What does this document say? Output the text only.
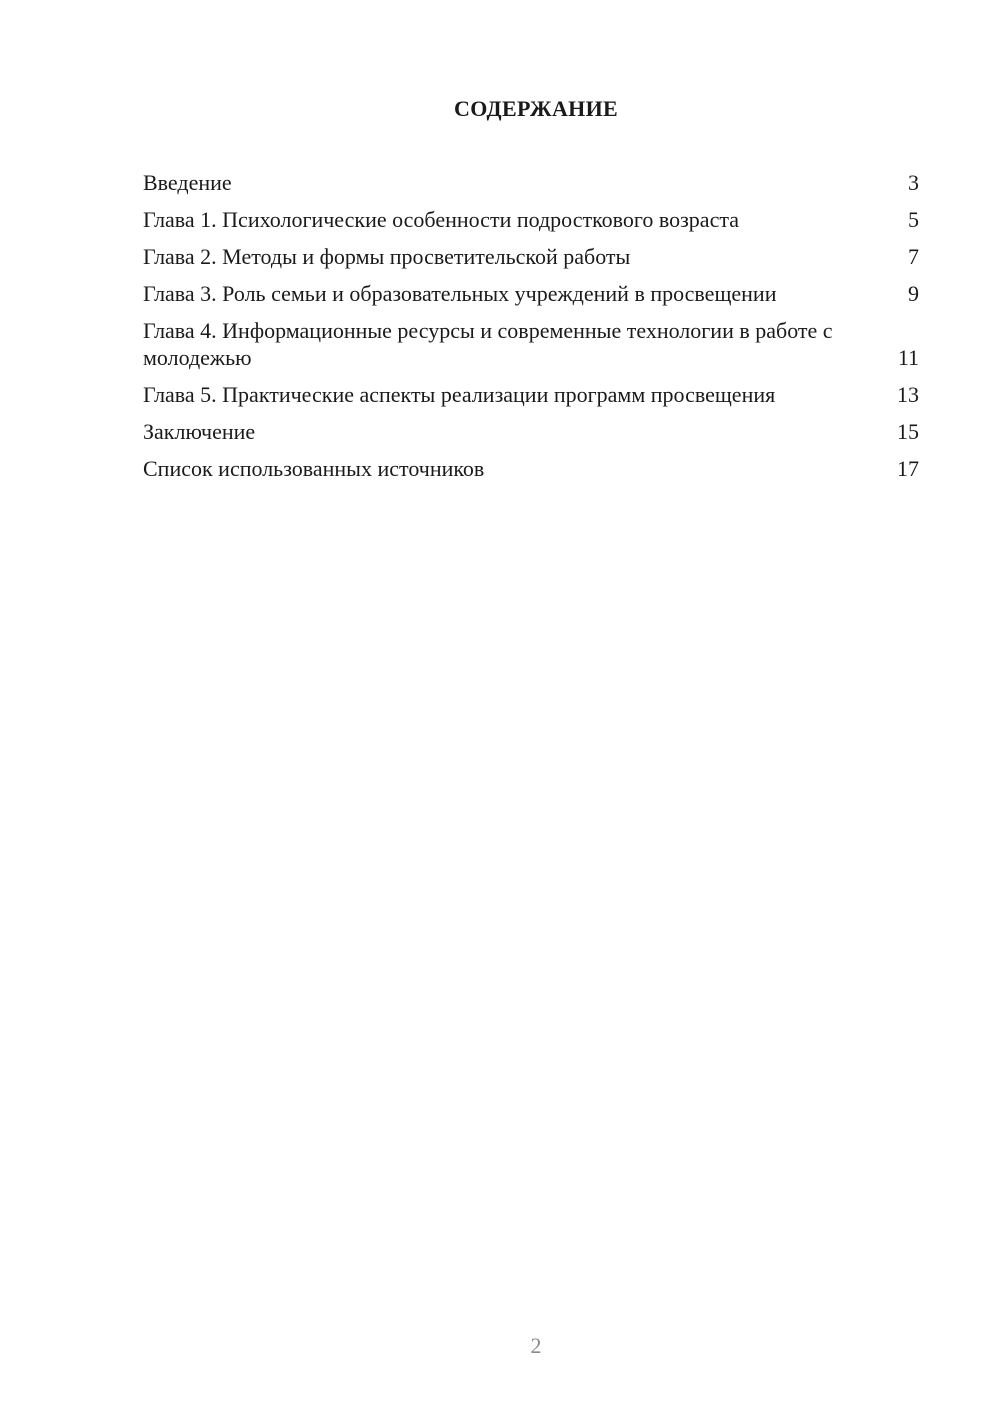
СОДЕРЖАНИЕ
Введение	3
Глава 1. Психологические особенности подросткового возраста	5
Глава 2. Методы и формы просветительской работы	7
Глава 3. Роль семьи и образовательных учреждений в просвещении	9
Глава 4. Информационные ресурсы и современные технологии в работе с молодежью	11
Глава 5. Практические аспекты реализации программ просвещения	13
Заключение	15
Список использованных источников	17
2
